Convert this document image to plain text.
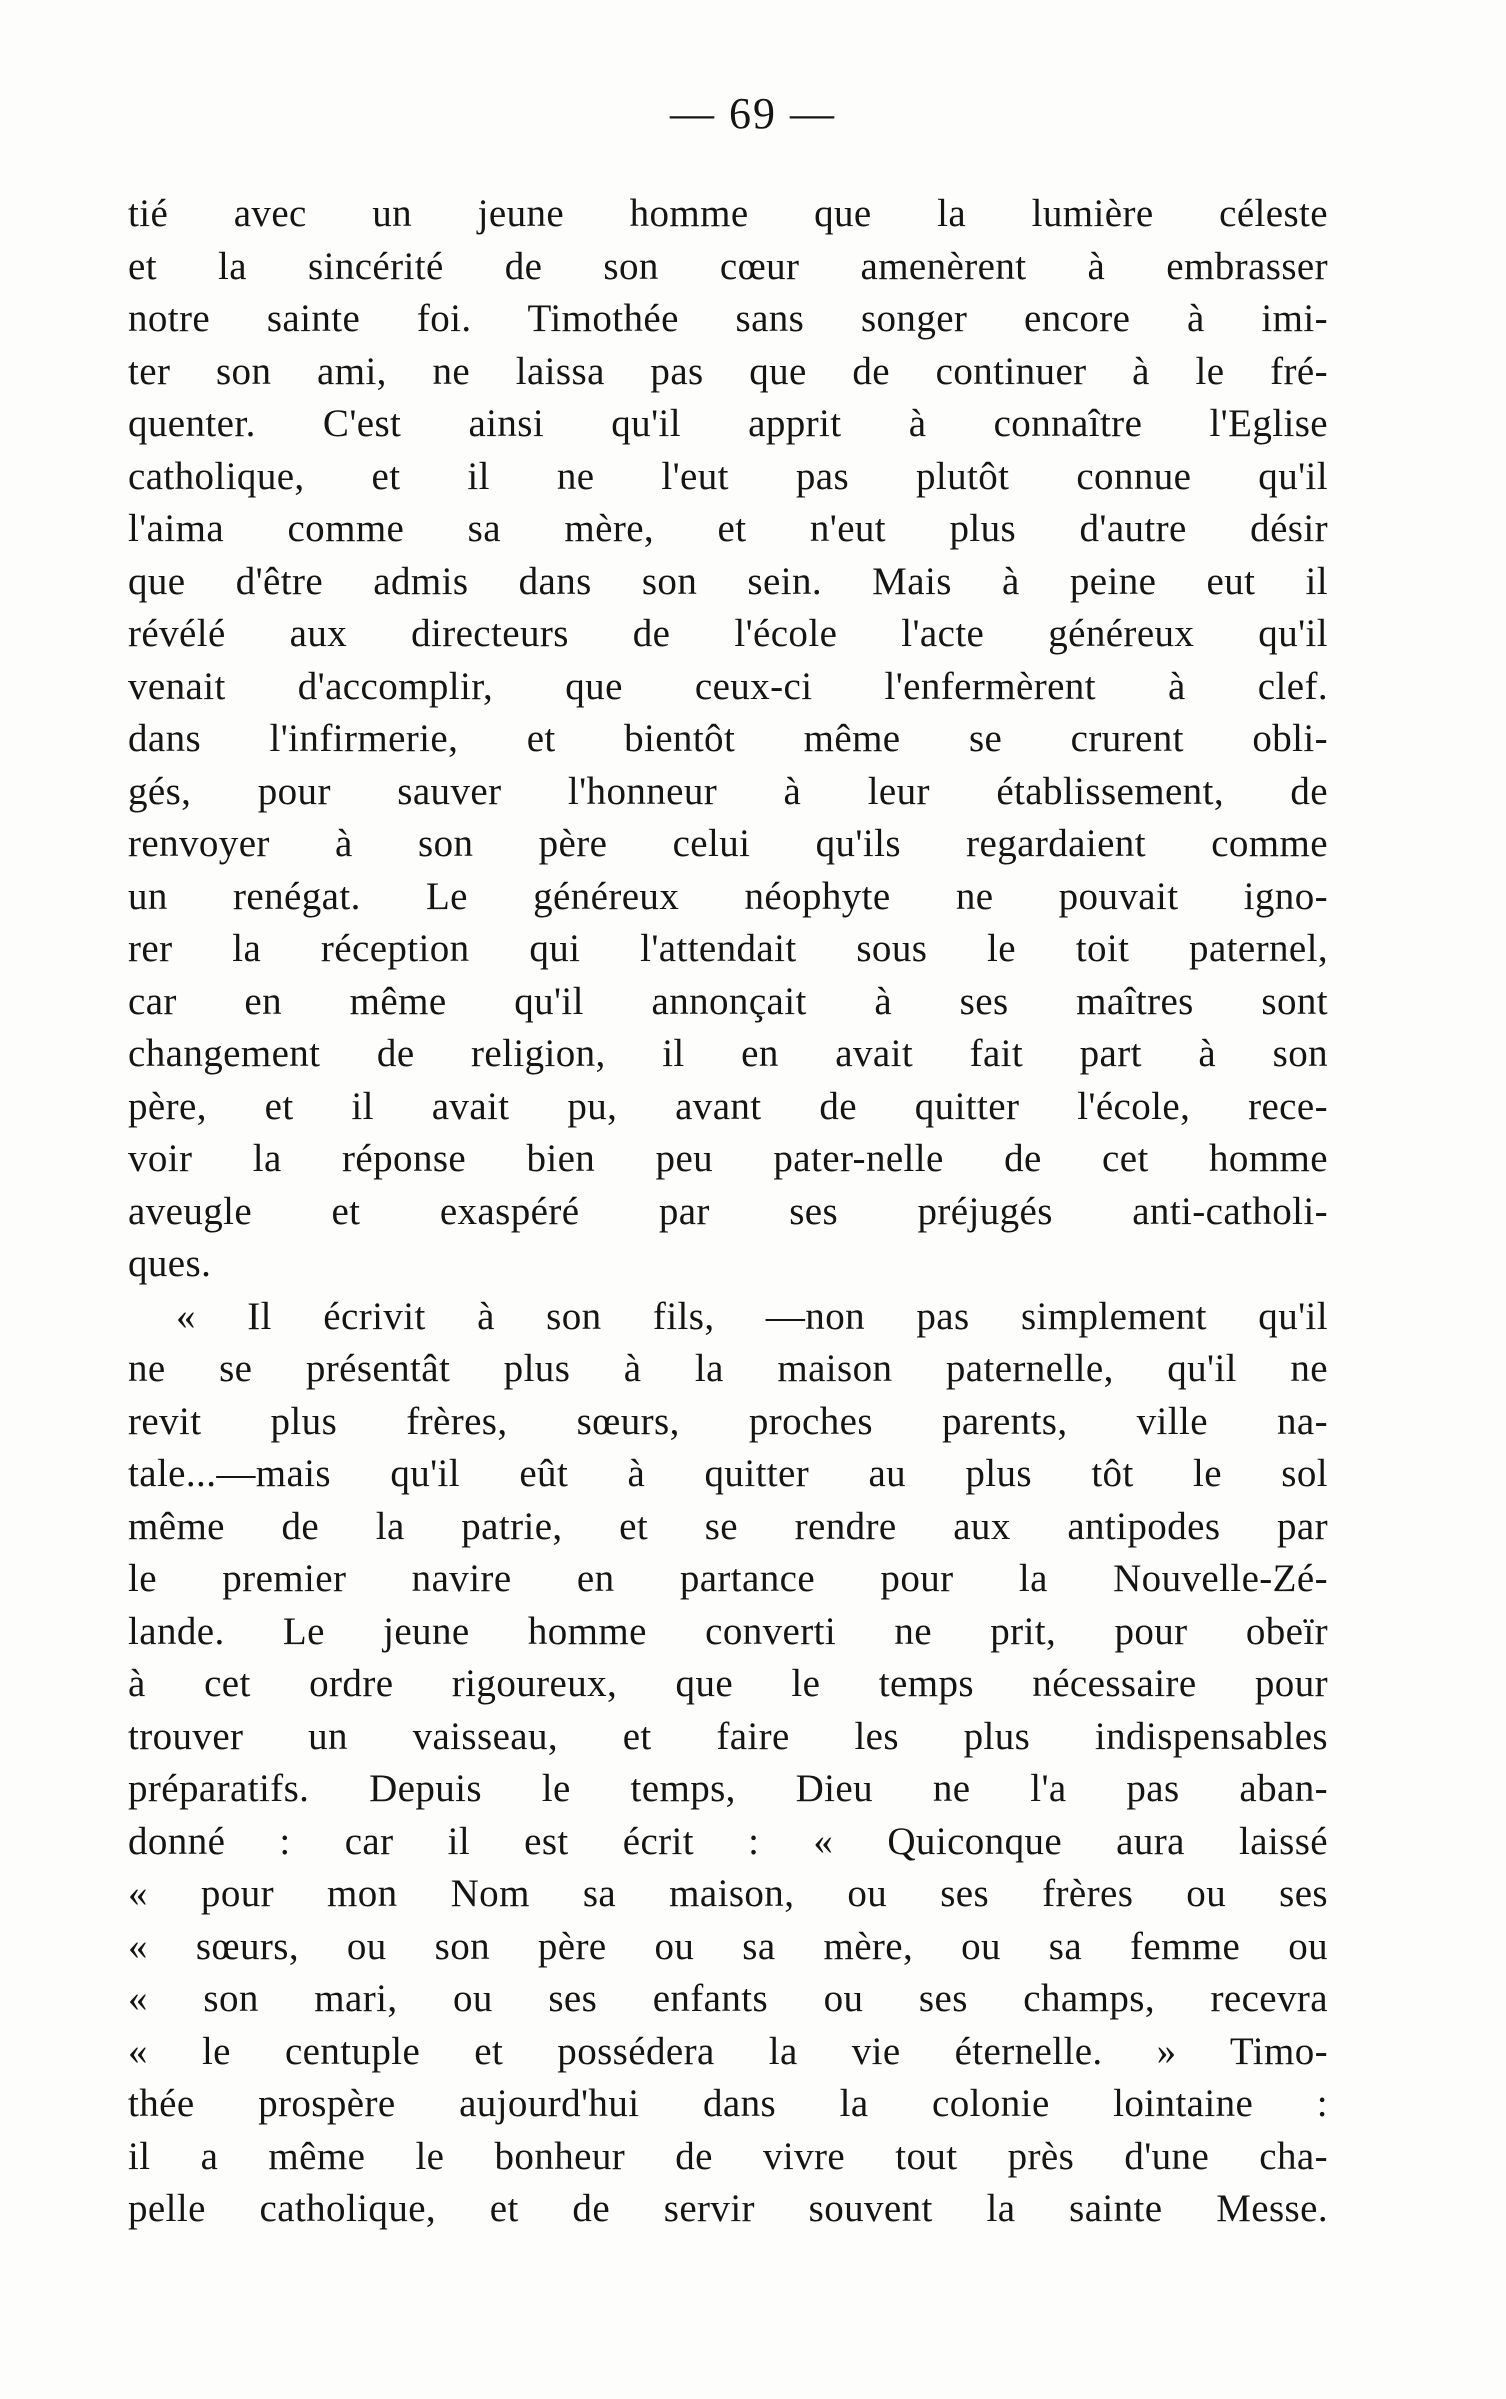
— 69 —
tié avec un jeune homme que la lumière céleste
et la sincérité de son cœur amenèrent à embrasser
notre sainte foi. Timothée sans songer encore à imi-
ter son ami, ne laissa pas que de continuer à le fré-
quenter. C'est ainsi qu'il apprit à connaître l'Eglise
catholique, et il ne l'eut pas plutôt connue qu'il
l'aima comme sa mère, et n'eut plus d'autre désir
que d'être admis dans son sein. Mais à peine eut il
révélé aux directeurs de l'école l'acte généreux qu'il
venait d'accomplir, que ceux-ci l'enfermèrent à clef.
dans l'infirmerie, et bientôt même se crurent obli-
gés, pour sauver l'honneur à leur établissement, de
renvoyer à son père celui qu'ils regardaient comme
un renégat. Le généreux néophyte ne pouvait igno-
rer la réception qui l'attendait sous le toit paternel,
car en même qu'il annonçait à ses maîtres sont
changement de religion, il en avait fait part à son
père, et il avait pu, avant de quitter l'école, rece-
voir la réponse bien peu pater-nelle de cet homme
aveugle et exaspéré par ses préjugés anti-catholi-
ques.
« Il écrivit à son fils, —non pas simplement qu'il
ne se présentât plus à la maison paternelle, qu'il ne
revit plus frères, sœurs, proches parents, ville na-
tale...—mais qu'il eût à quitter au plus tôt le sol
même de la patrie, et se rendre aux antipodes par
le premier navire en partance pour la Nouvelle-Zé-
lande. Le jeune homme converti ne prit, pour obeïr
à cet ordre rigoureux, que le temps nécessaire pour
trouver un vaisseau, et faire les plus indispensables
préparatifs. Depuis le temps, Dieu ne l'a pas aban-
donné : car il est écrit : « Quiconque aura laissé
« pour mon Nom sa maison, ou ses frères ou ses
« sœurs, ou son père ou sa mère, ou sa femme ou
« son mari, ou ses enfants ou ses champs, recevra
« le centuple et possédera la vie éternelle. » Timo-
thée prospère aujourd'hui dans la colonie lointaine :
il a même le bonheur de vivre tout près d'une cha-
pelle catholique, et de servir souvent la sainte Messe.
